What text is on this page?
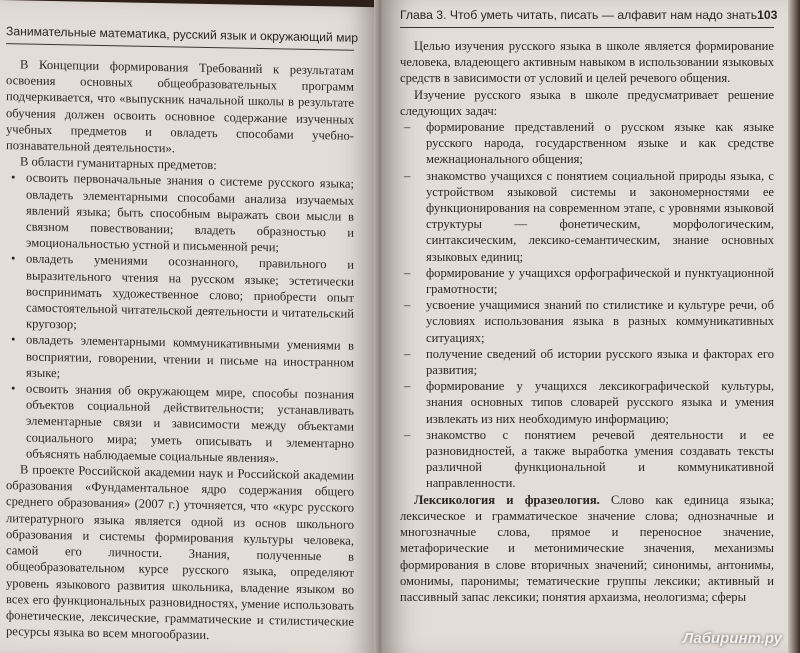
Занимательные математика, русский язык и окружающий мир

В Концепции формирования Требований к результатам освоения основных общеобразовательных программ подчеркивается, что «выпускник начальной школы в результате обучения должен освоить основное содержание изученных учебных предметов и овладеть способами учебно-познавательной деятельности».

В области гуманитарных предметов:

• освоить первоначальные знания о системе русского языка; овладеть элементарными способами анализа изучаемых явлений языка; быть способным выражать свои мысли в связном повествовании; владеть образностью и эмоциональностью устной и письменной речи;
• овладеть умениями осознанного, правильного и выразительного чтения на русском языке; эстетически воспринимать художественное слово; приобрести опыт самостоятельной читательской деятельности и читательский кругозор;
• овладеть элементарными коммуникативными умениями в восприятии, говорении, чтении и письме на иностранном языке;
• освоить знания об окружающем мире, способы познания объектов социальной действительности; устанавливать элементарные связи и зависимости между объектами социального мира; уметь описывать и элементарно объяснять наблюдаемые социальные явления».

В проекте Российской академии наук и Российской академии образования «Фундаментальное ядро содержания общего среднего образования» (2007 г.) уточняется, что «курс русского литературного языка является одной из основ школьного образования и системы формирования культуры человека, самой его личности. Знания, полученные в общеобразовательном курсе русского языка, определяют уровень языкового развития школьника, владение языком во всех его функциональных разновидностях, умение использовать фонетические, лексические, грамматические и стилистические ресурсы языка во всем многообразии.

Глава 3. Чтоб уметь читать, писать — алфавит нам надо знать 103

Целью изучения русского языка в школе является формирование человека, владеющего активным навыком в использовании языковых средств в зависимости от условий и целей речевого общения.

Изучение русского языка в школе предусматривает решение следующих задач:

– формирование представлений о русском языке как языке русского народа, государственном языке и как средстве межнационального общения;
– знакомство учащихся с понятием социальной природы языка, с устройством языковой системы и закономерностями ее функционирования на современном этапе, с уровнями языковой структуры — фонетическим, морфологическим, синтаксическим, лексико-семантическим, знание основных языковых единиц;
– формирование у учащихся орфографической и пунктуационной грамотности;
– усвоение учащимися знаний по стилистике и культуре речи, об условиях использования языка в разных коммуникативных ситуациях;
– получение сведений об истории русского языка и факторах его развития;
– формирование у учащихся лексикографической культуры, знания основных типов словарей русского языка и умения извлекать из них необходимую информацию;
– знакомство с понятием речевой деятельности и ее разновидностей, а также выработка умения создавать тексты различной функциональной и коммуникативной направленности.

Лексикология и фразеология. Слово как единица языка; лексическое и грамматическое значение слова; однозначные и многозначные слова, прямое и переносное значение, метафорические и метонимические значения, механизмы формирования в слове вторичных значений; синонимы, антонимы, омонимы, паронимы; тематические группы лексики; активный и пассивный запас лексики; понятия архаизма, неологизма; сферы

Лабиринт.ру
